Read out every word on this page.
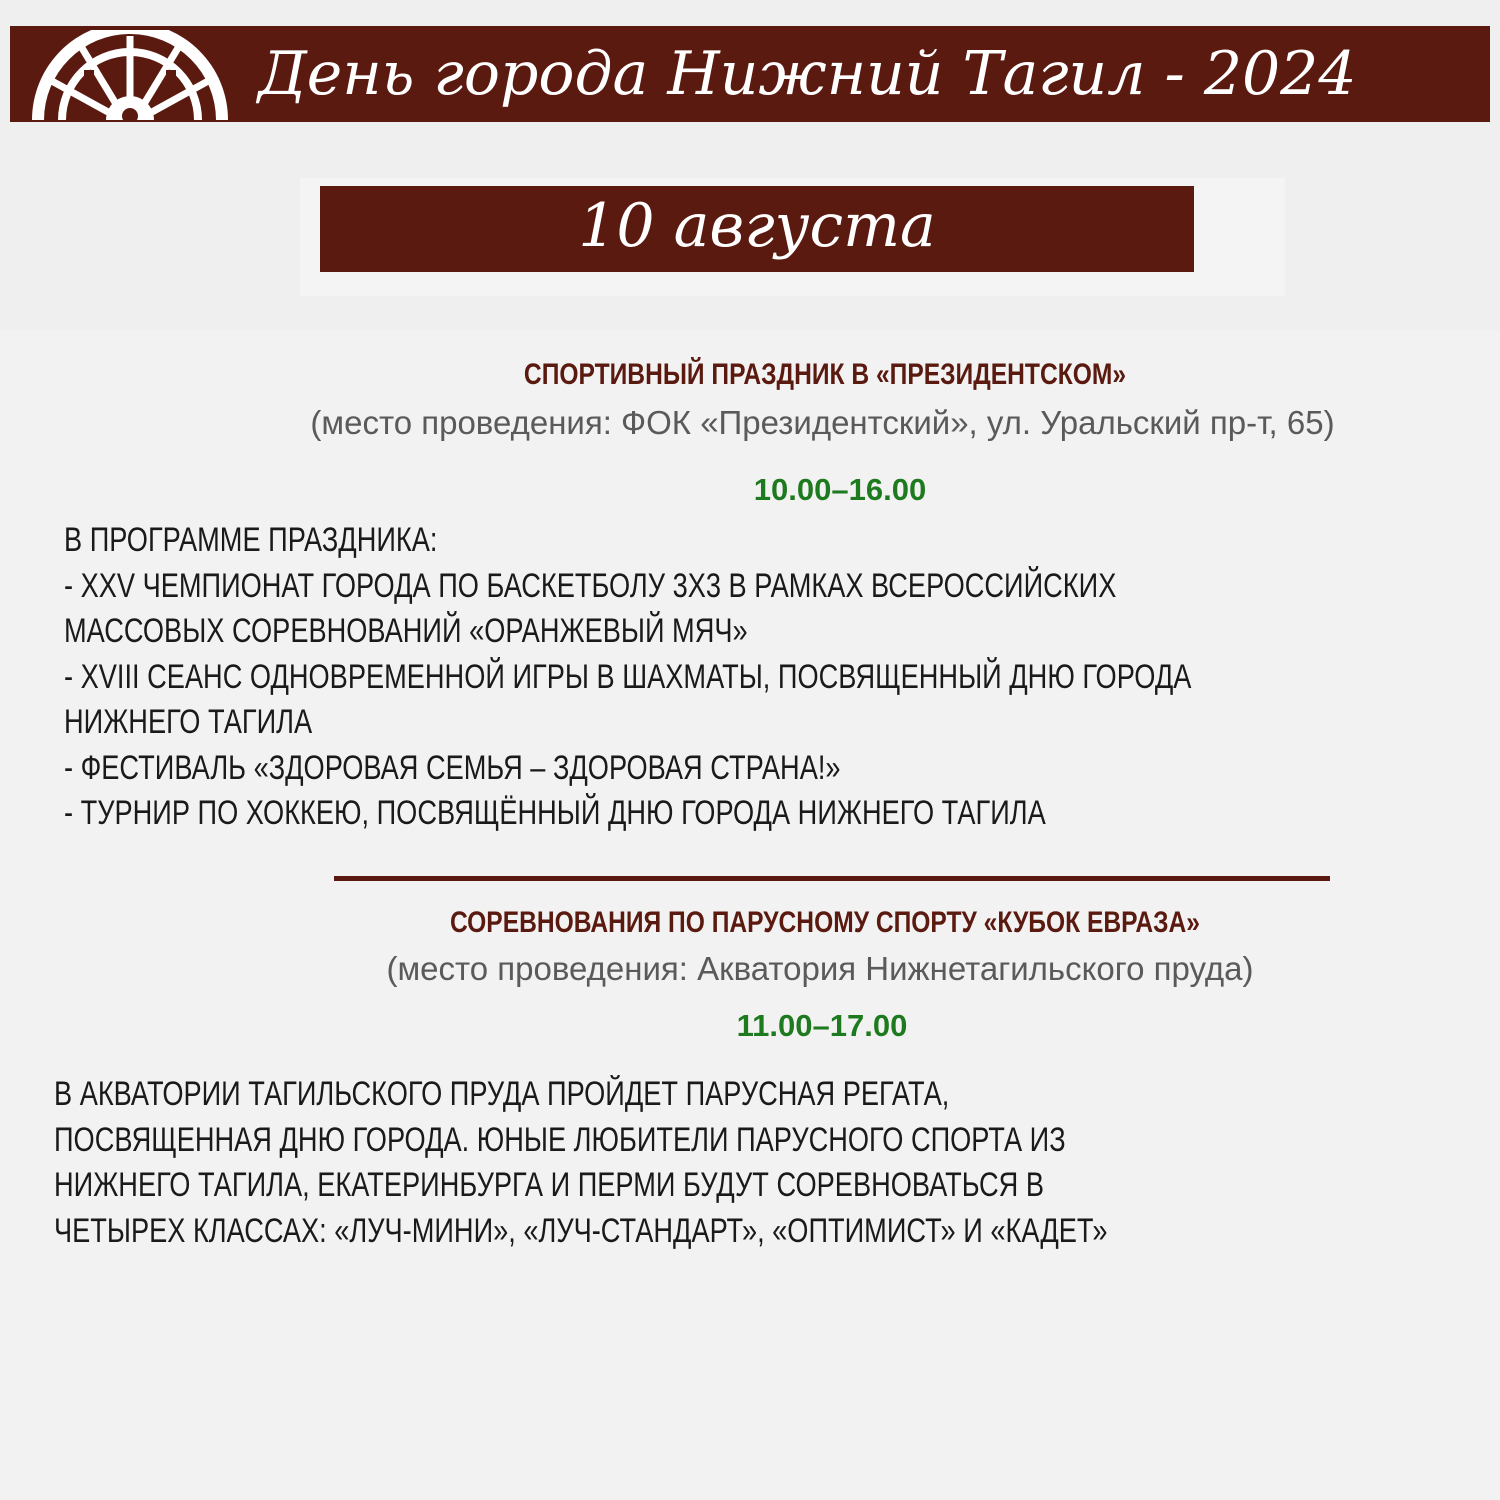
День города Нижний Тагил - 2024
10 августа
СПОРТИВНЫЙ ПРАЗДНИК В «ПРЕЗИДЕНТСКОМ»
(место проведения: ФОК «Президентский», ул. Уральский пр-т, 65)
10.00–16.00
В ПРОГРАММЕ ПРАЗДНИКА:
- XXV ЧЕМПИОНАТ ГОРОДА ПО БАСКЕТБОЛУ 3Х3 В РАМКАХ ВСЕРОССИЙСКИХ
МАССОВЫХ СОРЕВНОВАНИЙ «ОРАНЖЕВЫЙ МЯЧ»
- XVIII СЕАНС ОДНОВРЕМЕННОЙ ИГРЫ В ШАХМАТЫ, ПОСВЯЩЕННЫЙ ДНЮ ГОРОДА
НИЖНЕГО ТАГИЛА
- ФЕСТИВАЛЬ «ЗДОРОВАЯ СЕМЬЯ – ЗДОРОВАЯ СТРАНА!»
- ТУРНИР ПО ХОККЕЮ, ПОСВЯЩЁННЫЙ ДНЮ ГОРОДА НИЖНЕГО ТАГИЛА
СОРЕВНОВАНИЯ ПО ПАРУСНОМУ СПОРТУ «КУБОК ЕВРАЗА»
(место проведения: Акватория Нижнетагильского пруда)
11.00–17.00
В АКВАТОРИИ ТАГИЛЬСКОГО ПРУДА ПРОЙДЕТ ПАРУСНАЯ РЕГАТА,
ПОСВЯЩЕННАЯ ДНЮ ГОРОДА. ЮНЫЕ ЛЮБИТЕЛИ ПАРУСНОГО СПОРТА ИЗ
НИЖНЕГО ТАГИЛА, ЕКАТЕРИНБУРГА И ПЕРМИ БУДУТ СОРЕВНОВАТЬСЯ В
ЧЕТЫРЕХ КЛАССАХ: «ЛУЧ-МИНИ», «ЛУЧ-СТАНДАРТ», «ОПТИМИСТ» И «КАДЕТ»
